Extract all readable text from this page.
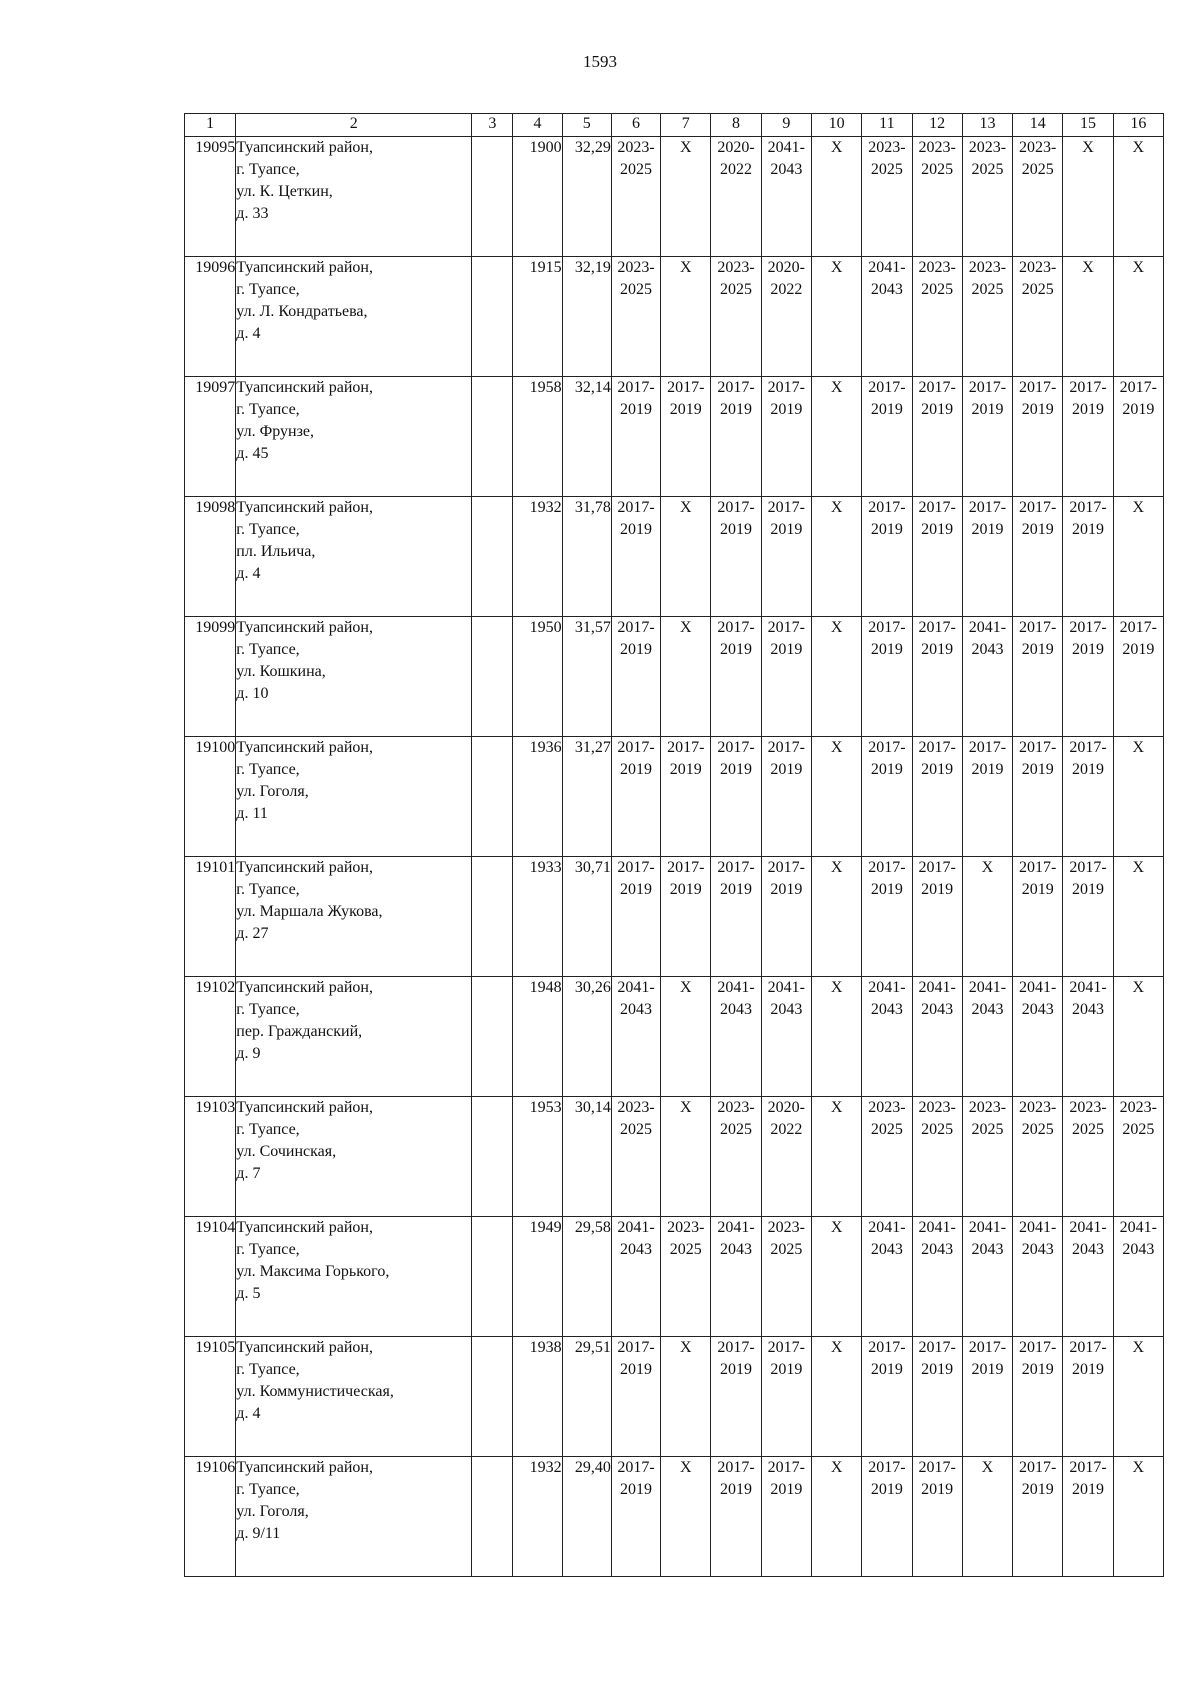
1593
1	2	3	4	5	6	7	8	9	10	11	12	13	14	15	16
19095	Туапсинский район,
г. Туапсе,
ул. К. Цеткин,
д. 33		1900	32,29	2023-
2025	X	2020-
2022	2041-
2043	X	2023-
2025	2023-
2025	2023-
2025	2023-
2025	X	X
19096	Туапсинский район,
г. Туапсе,
ул. Л. Кондратьева,
д. 4		1915	32,19	2023-
2025	X	2023-
2025	2020-
2022	X	2041-
2043	2023-
2025	2023-
2025	2023-
2025	X	X
19097	Туапсинский район,
г. Туапсе,
ул. Фрунзе,
д. 45		1958	32,14	2017-
2019	2017-
2019	2017-
2019	2017-
2019	X	2017-
2019	2017-
2019	2017-
2019	2017-
2019	2017-
2019	2017-
2019
19098	Туапсинский район,
г. Туапсе,
пл. Ильича,
д. 4		1932	31,78	2017-
2019	X	2017-
2019	2017-
2019	X	2017-
2019	2017-
2019	2017-
2019	2017-
2019	2017-
2019	X
19099	Туапсинский район,
г. Туапсе,
ул. Кошкина,
д. 10		1950	31,57	2017-
2019	X	2017-
2019	2017-
2019	X	2017-
2019	2017-
2019	2041-
2043	2017-
2019	2017-
2019	2017-
2019
19100	Туапсинский район,
г. Туапсе,
ул. Гоголя,
д. 11		1936	31,27	2017-
2019	2017-
2019	2017-
2019	2017-
2019	X	2017-
2019	2017-
2019	2017-
2019	2017-
2019	2017-
2019	X
19101	Туапсинский район,
г. Туапсе,
ул. Маршала Жукова,
д. 27		1933	30,71	2017-
2019	2017-
2019	2017-
2019	2017-
2019	X	2017-
2019	2017-
2019	X	2017-
2019	2017-
2019	X
19102	Туапсинский район,
г. Туапсе,
пер. Гражданский,
д. 9		1948	30,26	2041-
2043	X	2041-
2043	2041-
2043	X	2041-
2043	2041-
2043	2041-
2043	2041-
2043	2041-
2043	X
19103	Туапсинский район,
г. Туапсе,
ул. Сочинская,
д. 7		1953	30,14	2023-
2025	X	2023-
2025	2020-
2022	X	2023-
2025	2023-
2025	2023-
2025	2023-
2025	2023-
2025	2023-
2025
19104	Туапсинский район,
г. Туапсе,
ул. Максима Горького,
д. 5		1949	29,58	2041-
2043	2023-
2025	2041-
2043	2023-
2025	X	2041-
2043	2041-
2043	2041-
2043	2041-
2043	2041-
2043	2041-
2043
19105	Туапсинский район,
г. Туапсе,
ул. Коммунистическая,
д. 4		1938	29,51	2017-
2019	X	2017-
2019	2017-
2019	X	2017-
2019	2017-
2019	2017-
2019	2017-
2019	2017-
2019	X
19106	Туапсинский район,
г. Туапсе,
ул. Гоголя,
д. 9/11		1932	29,40	2017-
2019	X	2017-
2019	2017-
2019	X	2017-
2019	2017-
2019	X	2017-
2019	2017-
2019	X
